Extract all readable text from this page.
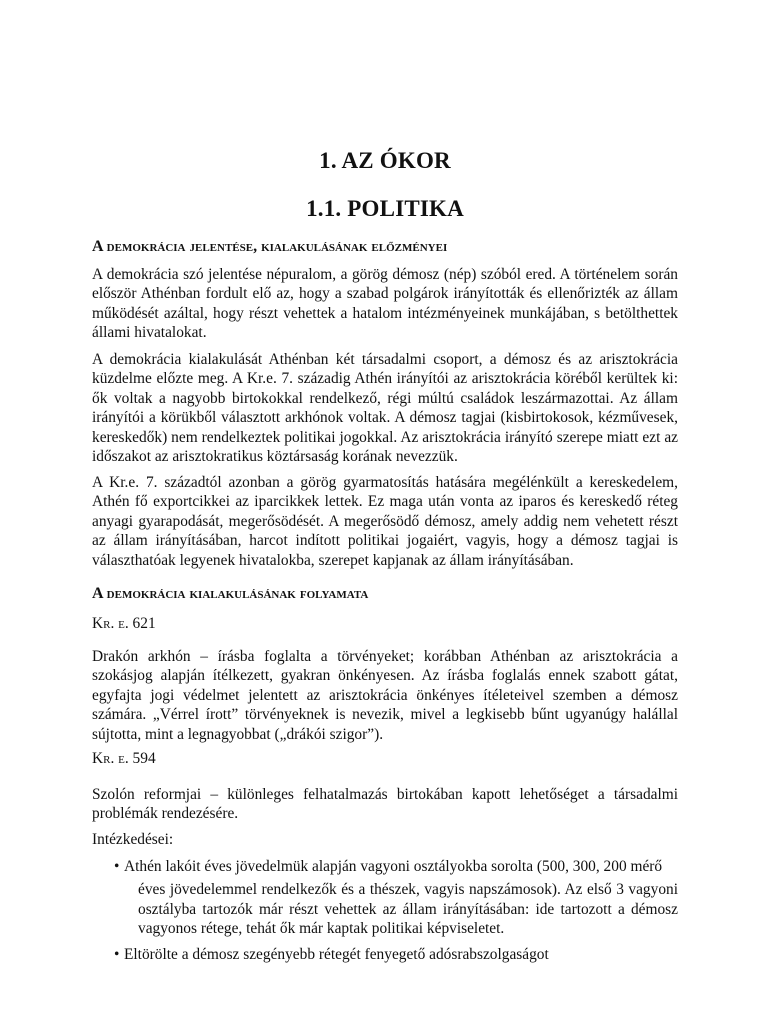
1. AZ ÓKOR
1.1. POLITIKA
A demokrácia jelentése, kialakulásának előzményei

A demokrácia szó jelentése népuralom, a görög démosz (nép) szóból ered. A történelem során először Athénban fordult elő az, hogy a szabad polgárok irányították és ellenőrizték az állam működését azáltal, hogy részt vehettek a hatalom intézményeinek munkájában, s betölthettek állami hivatalokat.

A demokrácia kialakulását Athénban két társadalmi csoport, a démosz és az arisztokrácia küzdelme előzte meg. A Kr.e. 7. századig Athén irányítói az arisztokrácia köréből kerültek ki: ők voltak a nagyobb birtokokkal rendelkező, régi múltú családok leszármazottai. Az állam irányítói a körükből választott arkhónok voltak. A démosz tagjai (kisbirtokosok, kézművesek, kereskedők) nem rendelkeztek politikai jogokkal. Az arisztokrácia irányító szerepe miatt ezt az időszakot az arisztokratikus köztársaság korának nevezzük.

A Kr.e. 7. századtól azonban a görög gyarmatosítás hatására megélénkült a kereskedelem, Athén fő exportcikkei az iparcikkek lettek. Ez maga után vonta az iparos és kereskedő réteg anyagi gyarapodását, megerősödését. A megerősödő démosz, amely addig nem vehetett részt az állam irányításában, harcot indított politikai jogaiért, vagyis, hogy a démosz tagjai is választhatóak legyenek hivatalokba, szerepet kapjanak az állam irányításában.

A demokrácia kialakulásának folyamata

Kr. e. 621

Drakón arkhón – írásba foglalta a törvényeket; korábban Athénban az arisztokrácia a szokásjog alapján ítélkezett, gyakran önkényesen. Az írásba foglalás ennek szabott gátat, egyfajta jogi védelmet jelentett az arisztokrácia önkényes ítéleteivel szemben a démosz számára. „Vérrel írott” törvényeknek is nevezik, mivel a legkisebb bűnt ugyanúgy halállal sújtotta, mint a legnagyobbat („drákói szigor”).

Kr. e. 594

Szolón reformjai – különleges felhatalmazás birtokában kapott lehetőséget a társadalmi problémák rendezésére.

Intézkedései:

• Athén lakóit éves jövedelmük alapján vagyoni osztályokba sorolta (500, 300, 200 mérő
éves jövedelemmel rendelkezők és a thészek, vagyis napszámosok). Az első 3 vagyoni osztályba tartozók már részt vehettek az állam irányításában: ide tartozott a démosz vagyonos rétege, tehát ők már kaptak politikai képviseletet.
• Eltörölte a démosz szegényebb rétegét fenyegető adósrabszolgaságot
